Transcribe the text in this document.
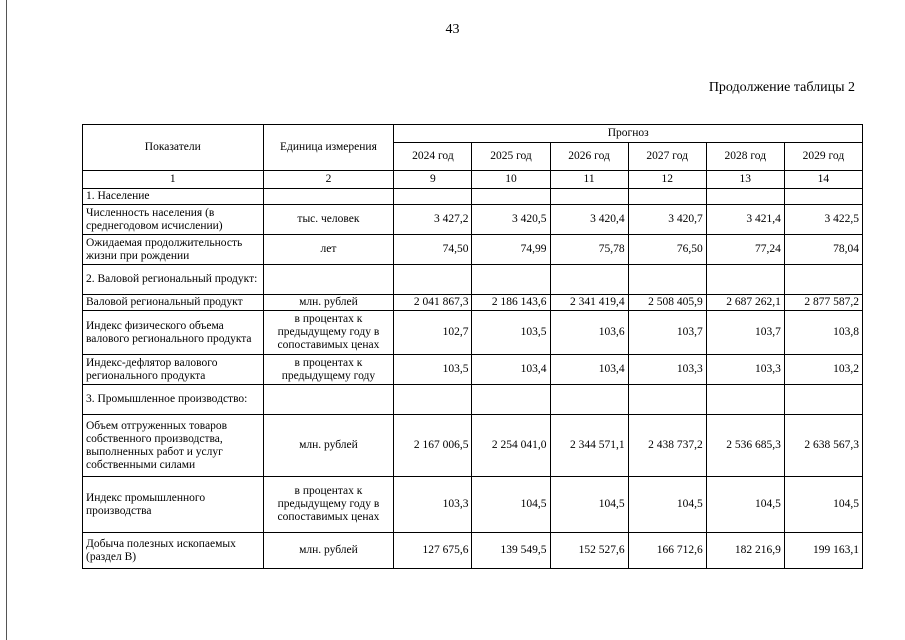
43
Продолжение таблицы 2
Показатели	Единица измерения	Прогноз					
		2024 год	2025 год	2026 год	2027 год	2028 год	2029 год
1	2	9	10	11	12	13	14
1. Население							
Численность населения (в среднегодовом исчислении)	тыс. человек	3 427,2	3 420,5	3 420,4	3 420,7	3 421,4	3 422,5
Ожидаемая продолжительность жизни при рождении	лет	74,50	74,99	75,78	76,50	77,24	78,04
2. Валовой региональный продукт:							
Валовой региональный продукт	млн. рублей	2 041 867,3	2 186 143,6	2 341 419,4	2 508 405,9	2 687 262,1	2 877 587,2
Индекс физического объема валового регионального продукта	в процентах к предыдущему году в сопоставимых ценах	102,7	103,5	103,6	103,7	103,7	103,8
Индекс-дефлятор валового регионального продукта	в процентах к предыдущему году	103,5	103,4	103,4	103,3	103,3	103,2
3. Промышленное производство:							
Объем отгруженных товаров собственного производства, выполненных работ и услуг собственными силами	млн. рублей	2 167 006,5	2 254 041,0	2 344 571,1	2 438 737,2	2 536 685,3	2 638 567,3
Индекс промышленного производства	в процентах к предыдущему году в сопоставимых ценах	103,3	104,5	104,5	104,5	104,5	104,5
Добыча полезных ископаемых (раздел B)	млн. рублей	127 675,6	139 549,5	152 527,6	166 712,6	182 216,9	199 163,1
